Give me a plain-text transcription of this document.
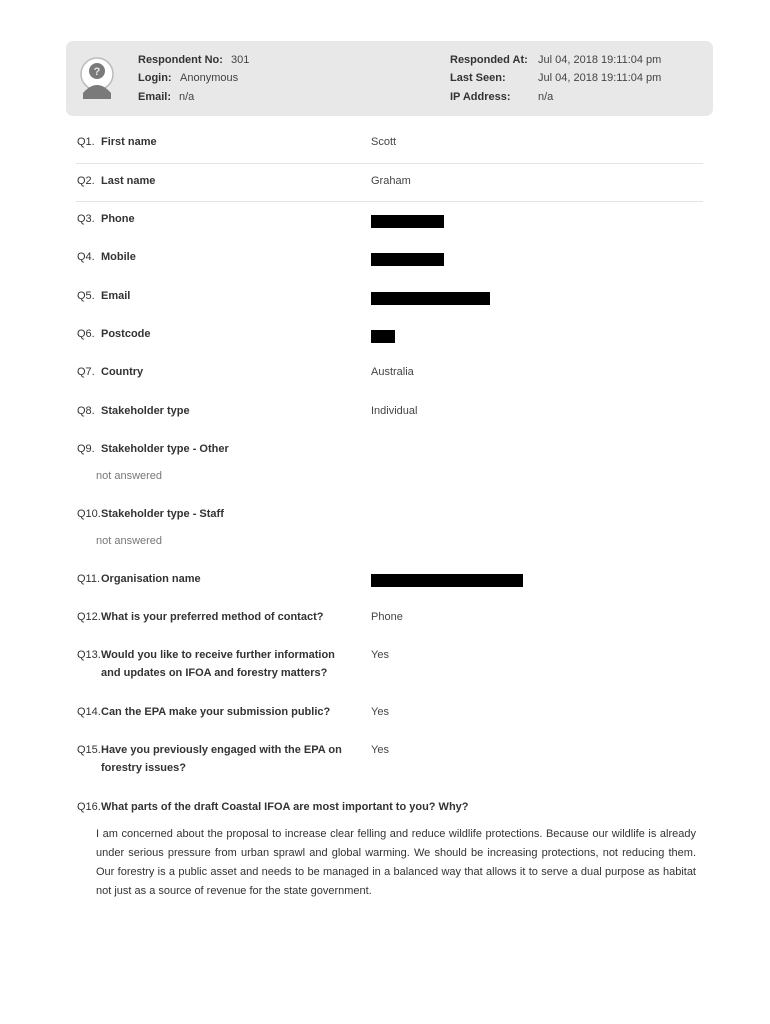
?
Respondent No: 301
Login: Anonymous
Email: n/a
Responded At: Jul 04, 2018 19:11:04 pm
Last Seen:	Jul 04, 2018 19:11:04 pm
IP Address: n/a
Q1. First name	Scott
Q2. Last name	Graham
Q3. Phone
Q4. Mobile
Q5. Email
Q6. Postcode
Q7. Country	Australia
Q8. Stakeholder type	Individual
Q9. Stakeholder type - Other
not answered
Q10. Stakeholder type - Staff
not answered
Q11. Organisation name
Q12. What is your preferred method of contact?	Phone
Q13. Would you like to receive further information
and updates on IFOA and forestry matters?
Yes
Q14. Can the EPA make your submission public?	Yes
Q15. Have you previously engaged with the EPA on
forestry issues?
Yes
Q16. What parts of the draft Coastal IFOA are most important to you? Why?
I am concerned about the proposal to increase clear felling and reduce wildlife protections. Because our wildlife is already under serious pressure from urban sprawl and global warming. We should be increasing protections, not reducing them. Our forestry is a public asset and needs to be managed in a balanced way that allows it to serve a dual purpose as habitat not just as a source of revenue for the state government.
